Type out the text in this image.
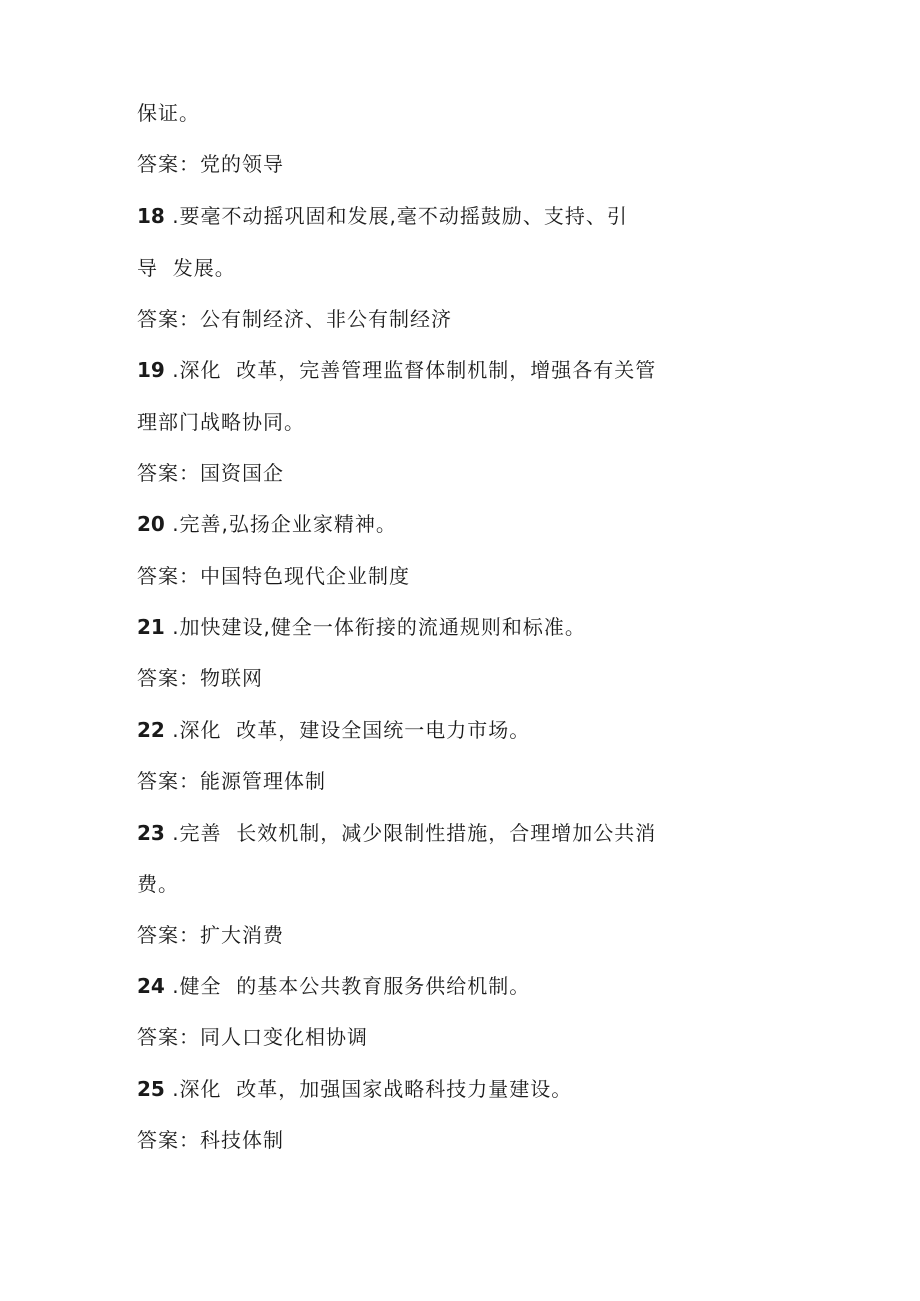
保证。
答案：党的领导
18 .要毫不动摇巩固和发展,毫不动摇鼓励、支持、引
导  发展。
答案：公有制经济、非公有制经济
19 .深化  改革，完善管理监督体制机制，增强各有关管
理部门战略协同。
答案：国资国企
20 .完善,弘扬企业家精神。
答案：中国特色现代企业制度
21 .加快建设,健全一体衔接的流通规则和标准。
答案：物联网
22 .深化  改革，建设全国统一电力市场。
答案：能源管理体制
23 .完善  长效机制，减少限制性措施，合理增加公共消
费。
答案：扩大消费
24 .健全  的基本公共教育服务供给机制。
答案：同人口变化相协调
25 .深化  改革，加强国家战略科技力量建设。
答案：科技体制
